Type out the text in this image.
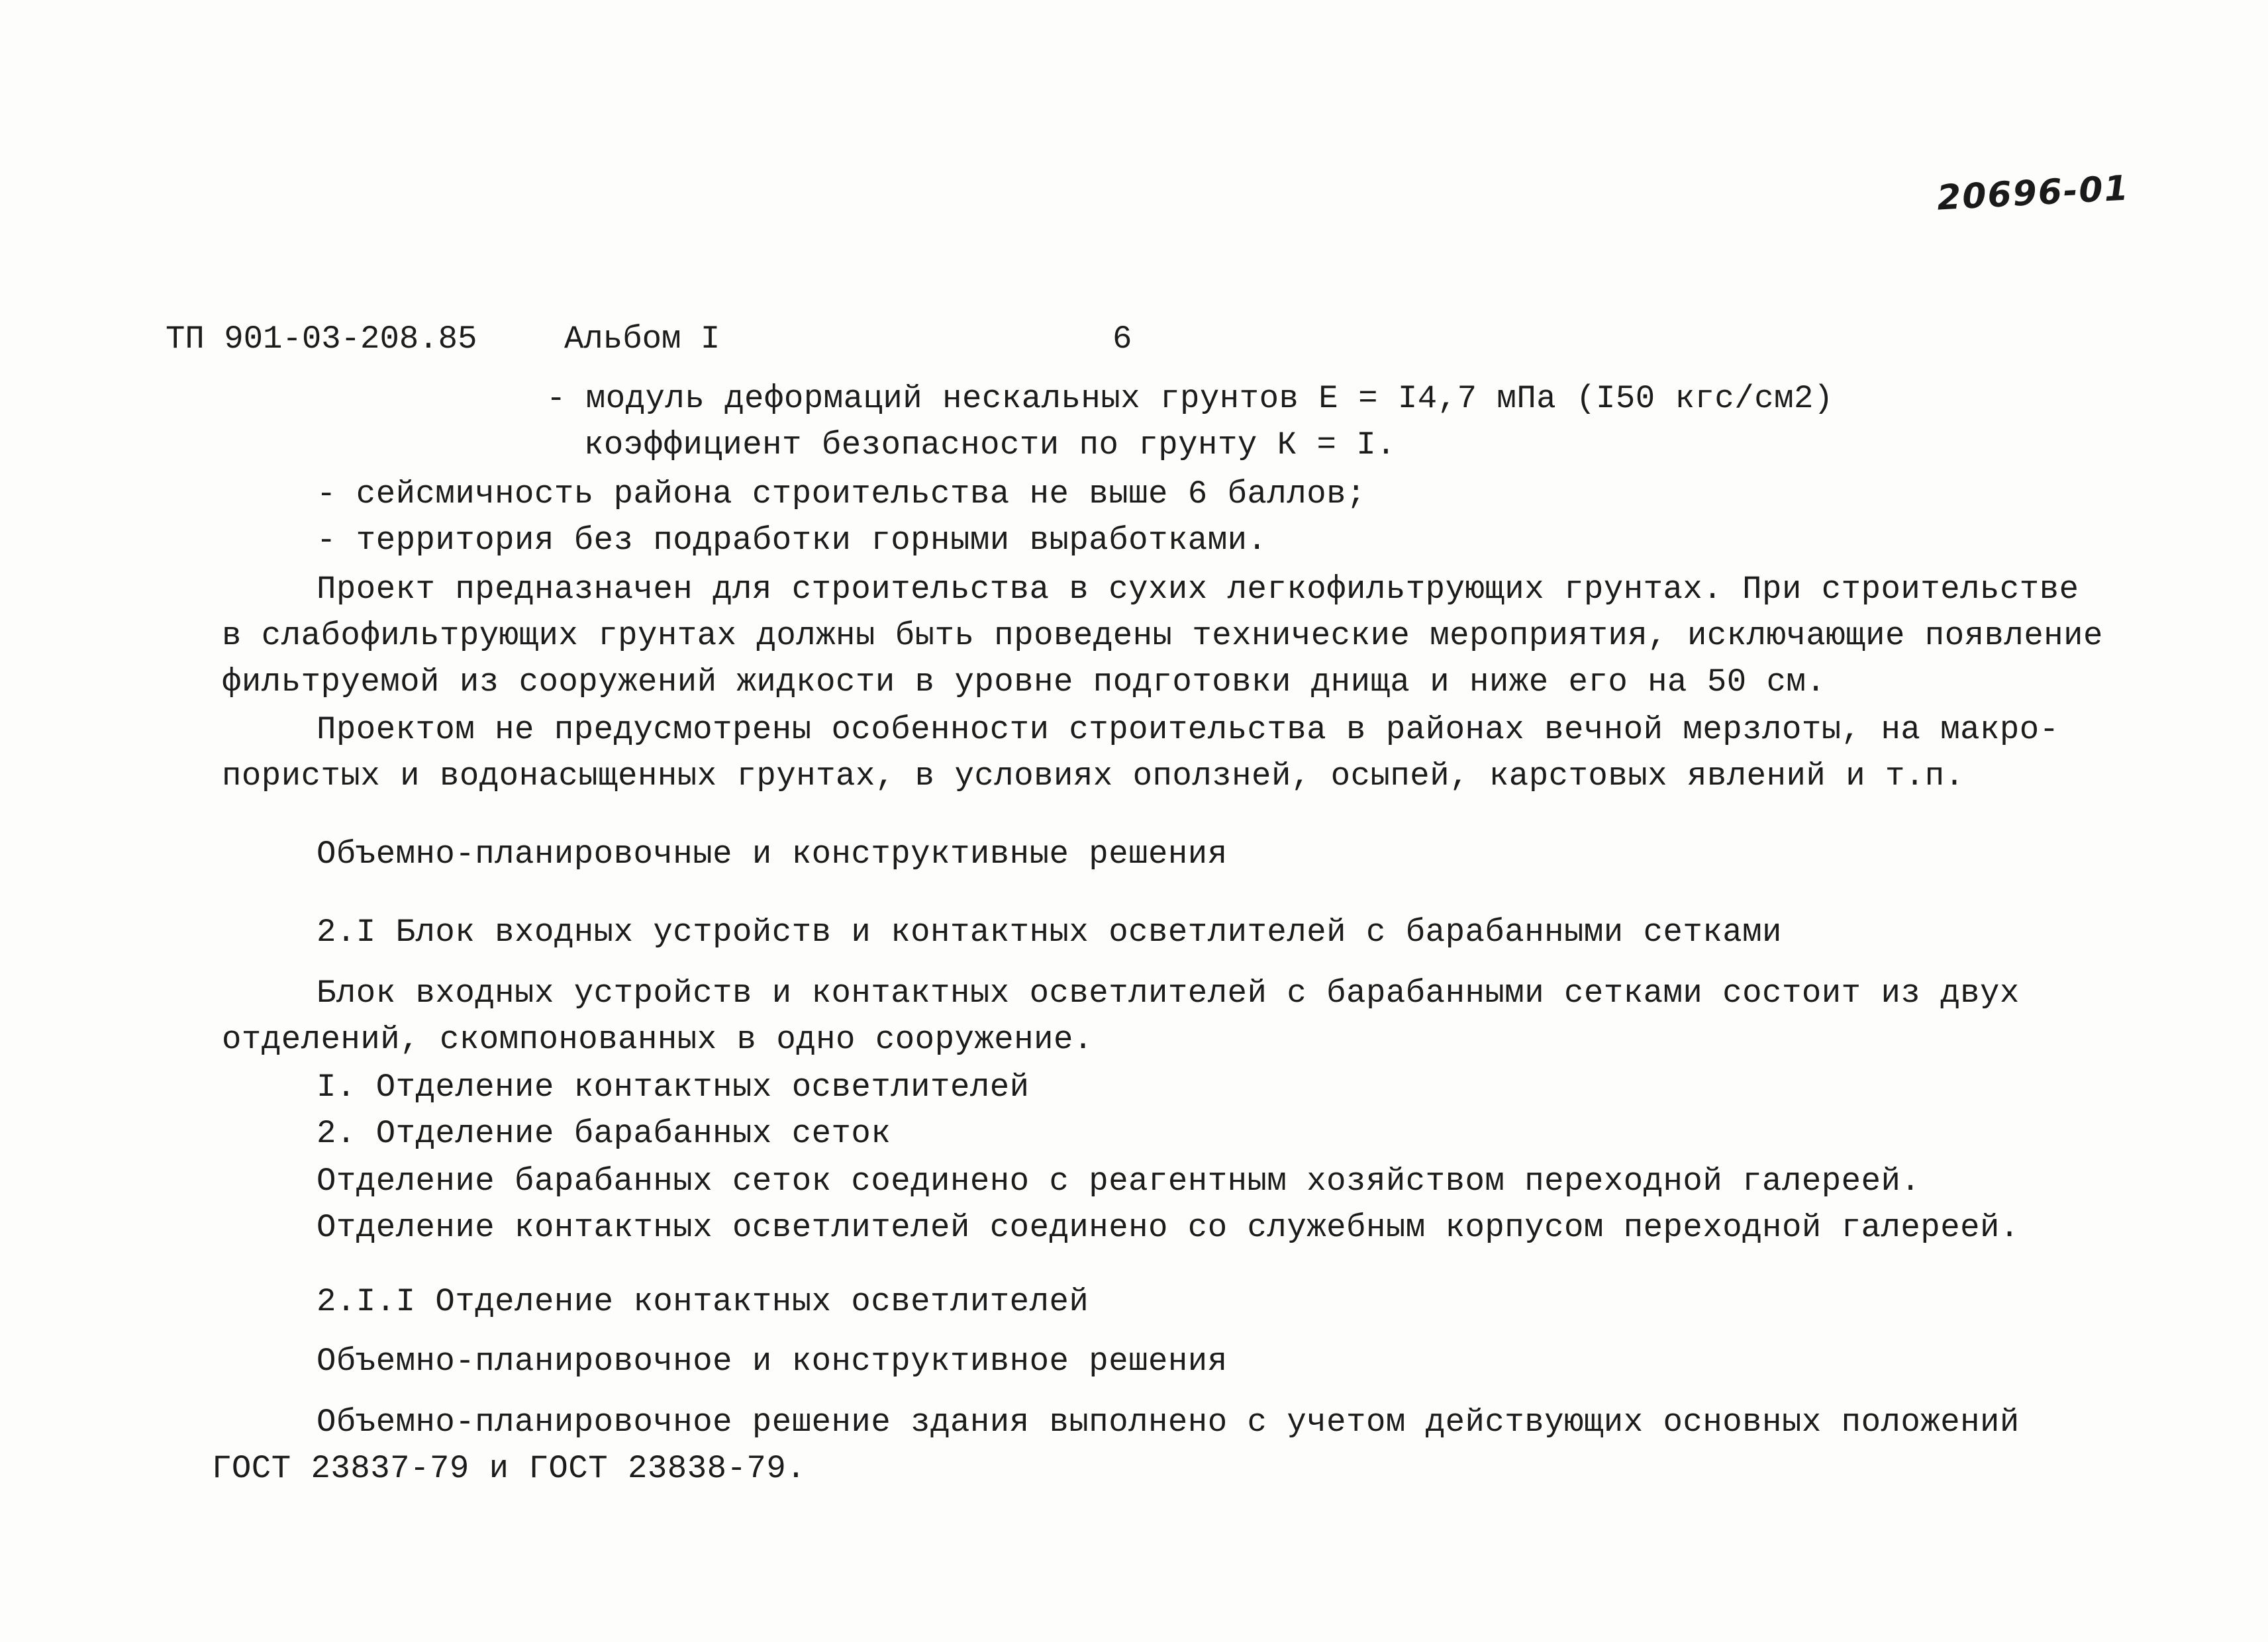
20696-01
ТП 901-03-208.85	Альбом I	6
- модуль деформаций нескальных грунтов Е = I4,7 мПа (I50 кгс/см2)
коэффициент безопасности по грунту К = I.
- сейсмичность района строительства не выше 6 баллов;
- территория без подработки горными выработками.
Проект предназначен для строительства в сухих легкофильтрующих грунтах. При строительстве
в слабофильтрующих грунтах должны быть проведены технические мероприятия, исключающие появление
фильтруемой из сооружений жидкости в уровне подготовки днища и ниже его на 50 см.
Проектом не предусмотрены особенности строительства в районах вечной мерзлоты, на макро-
пористых и водонасыщенных грунтах, в условиях оползней, осыпей, карстовых явлений и т.п.
Объемно-планировочные и конструктивные решения
2.I Блок входных устройств и контактных осветлителей с барабанными сетками
Блок входных устройств и контактных осветлителей с барабанными сетками состоит из двух
отделений, скомпонованных в одно сооружение.
I. Отделение контактных осветлителей
2. Отделение барабанных сеток
Отделение барабанных сеток соединено с реагентным хозяйством переходной галереей.
Отделение контактных осветлителей соединено со служебным корпусом переходной галереей.
2.I.I Отделение контактных осветлителей
Объемно-планировочное и конструктивное решения
Объемно-планировочное решение здания выполнено с учетом действующих основных положений
ГОСТ 23837-79 и ГОСТ 23838-79.
